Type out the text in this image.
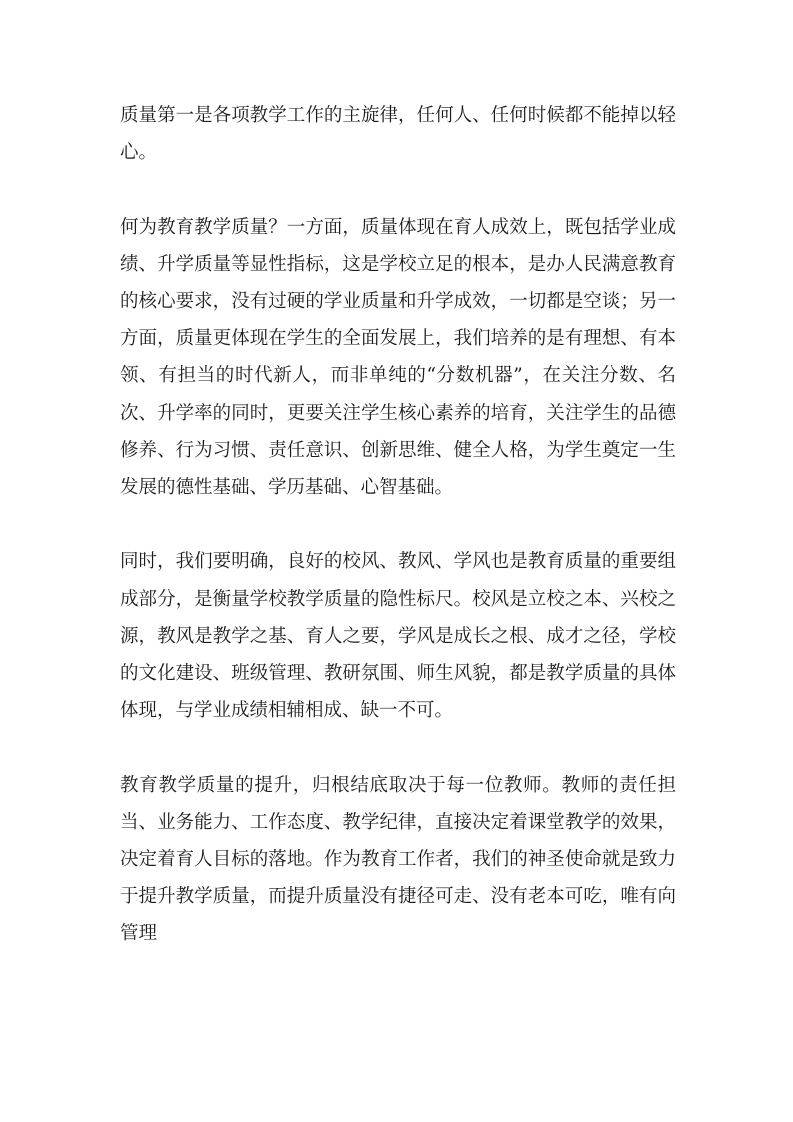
质量第一是各项教学工作的主旋律，任何人、任何时候都不能掉以轻心。

何为教育教学质量？一方面，质量体现在育人成效上，既包括学业成绩、升学质量等显性指标，这是学校立足的根本，是办人民满意教育的核心要求，没有过硬的学业质量和升学成效，一切都是空谈；另一方面，质量更体现在学生的全面发展上，我们培养的是有理想、有本领、有担当的时代新人，而非单纯的“分数机器”，在关注分数、名次、升学率的同时，更要关注学生核心素养的培育，关注学生的品德修养、行为习惯、责任意识、创新思维、健全人格，为学生奠定一生发展的德性基础、学历基础、心智基础。

同时，我们要明确，良好的校风、教风、学风也是教育质量的重要组成部分，是衡量学校教学质量的隐性标尺。校风是立校之本、兴校之源，教风是教学之基、育人之要，学风是成长之根、成才之径，学校的文化建设、班级管理、教研氛围、师生风貌，都是教学质量的具体体现，与学业成绩相辅相成、缺一不可。

教育教学质量的提升，归根结底取决于每一位教师。教师的责任担当、业务能力、工作态度、教学纪律，直接决定着课堂教学的效果，决定着育人目标的落地。作为教育工作者，我们的神圣使命就是致力于提升教学质量，而提升质量没有捷径可走、没有老本可吃，唯有向管理
